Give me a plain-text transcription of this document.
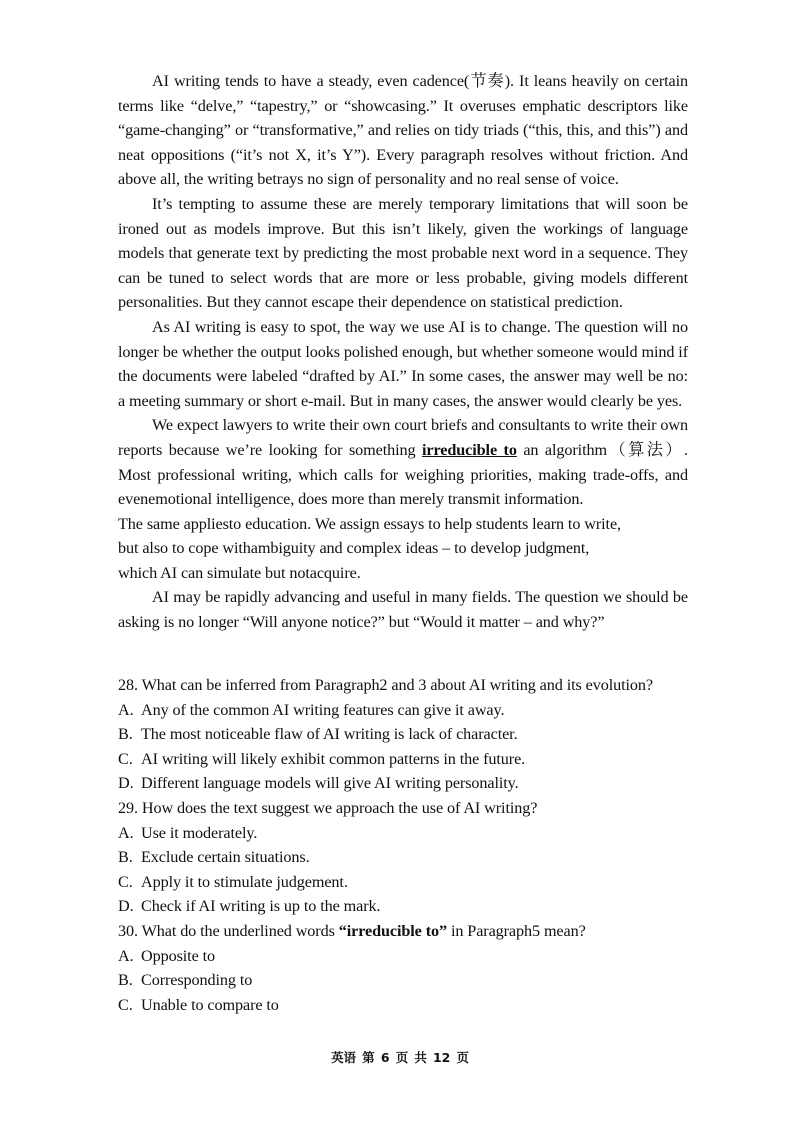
AI writing tends to have a steady, even cadence(节奏). It leans heavily on certain terms like “delve,” “tapestry,” or “showcasing.” It overuses emphatic descriptors like “game-changing” or “transformative,” and relies on tidy triads (“this, this, and this”) and neat oppositions (“it’s not X, it’s Y”). Every paragraph resolves without friction. And above all, the writing betrays no sign of personality and no real sense of voice.

It’s tempting to assume these are merely temporary limitations that will soon be ironed out as models improve. But this isn’t likely, given the workings of language models that generate text by predicting the most probable next word in a sequence. They can be tuned to select words that are more or less probable, giving models different personalities. But they cannot escape their dependence on statistical prediction.

As AI writing is easy to spot, the way we use AI is to change. The question will no longer be whether the output looks polished enough, but whether someone would mind if the documents were labeled “drafted by AI.” In some cases, the answer may well be no: a meeting summary or short e-mail. But in many cases, the answer would clearly be yes.

We expect lawyers to write their own court briefs and consultants to write their own reports because we’re looking for something irreducible to an algorithm（算法）. Most professional writing, which calls for weighing priorities, making trade-offs, and evenemotional intelligence, does more than merely transmit information.

The same appliesto education. We assign essays to help students learn to write,

but also to cope withambiguity and complex ideas – to develop judgment,

which AI can simulate but notacquire.

AI may be rapidly advancing and useful in many fields. The question we should be asking is no longer “Will anyone notice?” but “Would it matter – and why?”

28. What can be inferred from Paragraph2 and 3 about AI writing and its evolution?

A. Any of the common AI writing features can give it away.

B. The most noticeable flaw of AI writing is lack of character.

C. AI writing will likely exhibit common patterns in the future.

D. Different language models will give AI writing personality.

29. How does the text suggest we approach the use of AI writing?

A. Use it moderately.

B. Exclude certain situations.

C. Apply it to stimulate judgement.

D. Check if AI writing is up to the mark.

30. What do the underlined words “irreducible to” in Paragraph5 mean?

A. Opposite to

B. Corresponding to

C. Unable to compare to

英语 第 6 页 共 12 页
